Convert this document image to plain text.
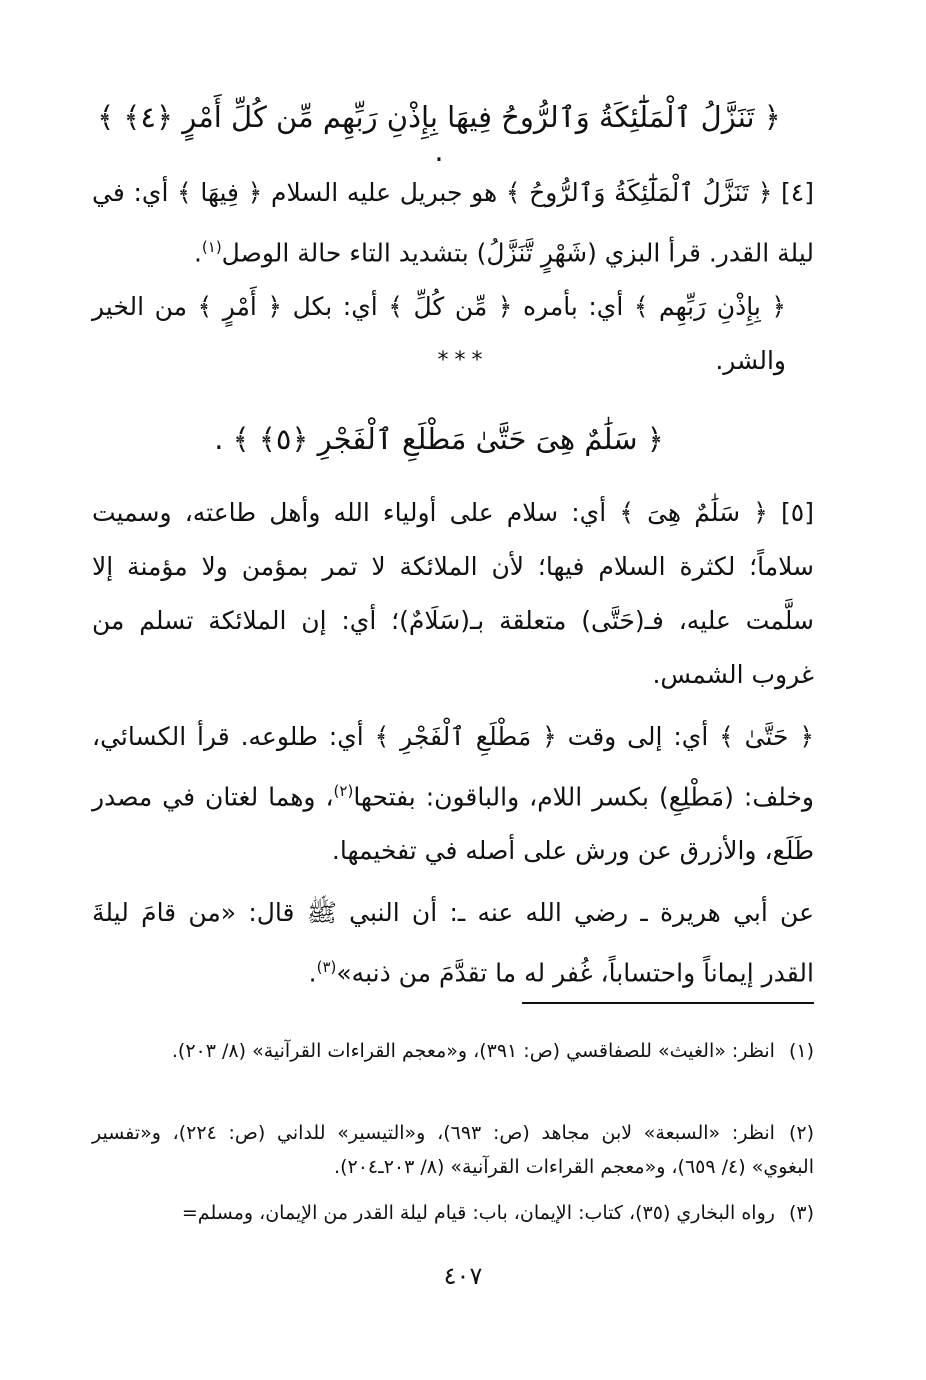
﴿ تَنَزَّلُ ٱلْمَلَٰٓئِكَةُ وَٱلرُّوحُ فِيهَا بِإِذْنِ رَبِّهِم مِّن كُلِّ أَمْرٍ ﴿٤﴾ ﴾ .

[٤] ﴿ تَنَزَّلُ ٱلْمَلَٰٓئِكَةُ وَٱلرُّوحُ ﴾ هو جبريل عليه السلام ﴿ فِيهَا ﴾ أي: في ليلة القدر. قرأ البزي (شَهْرٍ تَّنَزَّلُ) بتشديد التاء حالة الوصل$^{(١)}$.

﴿ بِإِذْنِ رَبِّهِم ﴾ أي: بأمره ﴿ مِّن كُلِّ ﴾ أي: بكل ﴿ أَمْرٍ ﴾ من الخير والشر.

***
﴿ سَلَٰمٌ هِىَ حَتَّىٰ مَطْلَعِ ٱلْفَجْرِ ﴿٥﴾ ﴾ .

[٥] ﴿ سَلَٰمٌ هِىَ ﴾ أي: سلام على أولياء الله وأهل طاعته، وسميت سلاماً؛ لكثرة السلام فيها؛ لأن الملائكة لا تمر بمؤمن ولا مؤمنة إلا سلَّمت عليه، فـ(حَتَّى) متعلقة بـ(سَلَامٌ)؛ أي: إن الملائكة تسلم من غروب الشمس.

﴿ حَتَّىٰ ﴾ أي: إلى وقت ﴿ مَطْلَعِ ٱلْفَجْرِ ﴾ أي: طلوعه. قرأ الكسائي، وخلف: (مَطْلِعِ) بكسر اللام، والباقون: بفتحها$^{(٢)}$، وهما لغتان في مصدر طَلَع، والأزرق عن ورش على أصله في تفخيمها.

عن أبي هريرة ـ رضي الله عنه ـ: أن النبي ﷺ قال: «من قامَ ليلةَ القدر إيماناً واحتساباً، غُفر له ما تقدَّمَ من ذنبه»$^{(٣)}$.

(١)انظر: «الغيث» للصفاقسي (ص: ٣٩١)، و«معجم القراءات القرآنية» (٨/ ٢٠٣).

(٢)انظر: «السبعة» لابن مجاهد (ص: ٦٩٣)، و«التيسير» للداني (ص: ٢٢٤)، و«تفسير البغوي» (٤/ ٦٥٩)، و«معجم القراءات القرآنية» (٨/ ٢٠٣ـ٢٠٤).

(٣)رواه البخاري (٣٥)، كتاب: الإيمان، باب: قيام ليلة القدر من الإيمان، ومسلم=

٤٠٧
